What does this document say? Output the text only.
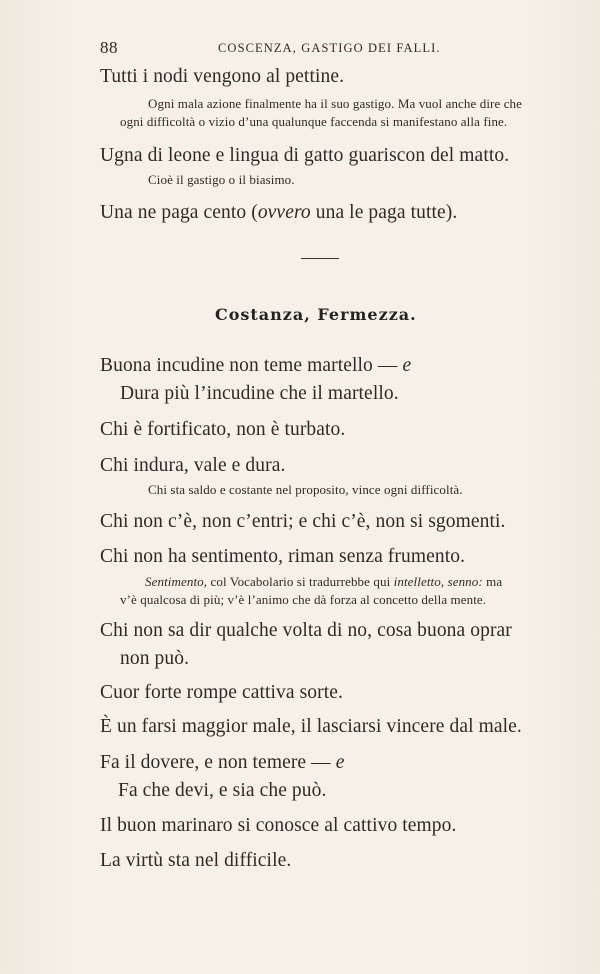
88	COSCENZA, GASTIGO DEI FALLI.
Tutti i nodi vengono al pettine.
Ogni mala azione finalmente ha il suo gastigo. Ma vuol anche dire che
ogni difficoltà o vizio d’una qualunque faccenda si manifestano alla fine.
Ugna di leone e lingua di gatto guariscon del matto.
Cioè il gastigo o il biasimo.
Una ne paga cento (ovvero una le paga tutte).
Costanza, Fermezza.
Buona incudine non teme martello — e
Dura più l’incudine che il martello.
Chi è fortificato, non è turbato.
Chi indura, vale e dura.
Chi sta saldo e costante nel proposito, vince ogni difficoltà.
Chi non c’è, non c’entri; e chi c’è, non si sgomenti.
Chi non ha sentimento, riman senza frumento.
Sentimento, col Vocabolario si tradurrebbe qui intelletto, senno: ma
v’è qualcosa di più; v’è l’animo che dà forza al concetto della mente.
Chi non sa dir qualche volta di no, cosa buona oprar
non può.
Cuor forte rompe cattiva sorte.
È un farsi maggior male, il lasciarsi vincere dal male.
Fa il dovere, e non temere — e
Fa che devi, e sia che può.
Il buon marinaro si conosce al cattivo tempo.
La virtù sta nel difficile.
